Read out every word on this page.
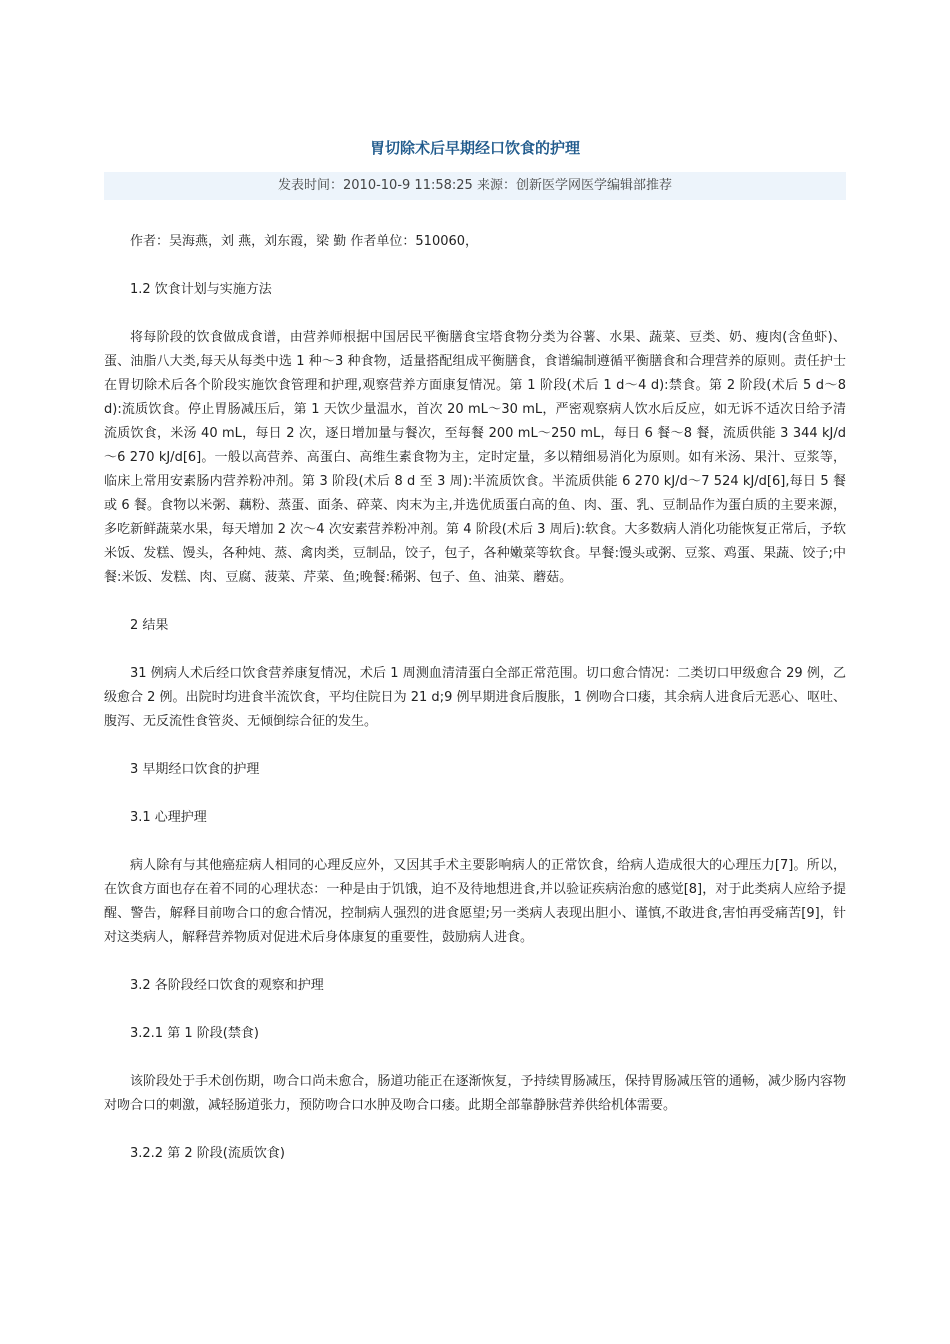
胃切除术后早期经口饮食的护理
发表时间：2010-10-9 11:58:25 来源：创新医学网医学编辑部推荐

作者：吴海燕，刘 燕，刘东霞，梁 勤 作者单位：510060，

1.2 饮食计划与实施方法

将每阶段的饮食做成食谱，由营养师根据中国居民平衡膳食宝塔食物分类为谷薯、水果、蔬菜、豆类、奶、瘦肉(含鱼虾)、蛋、油脂八大类,每天从每类中选 1 种～3 种食物，适量搭配组成平衡膳食，食谱编制遵循平衡膳食和合理营养的原则。责任护士在胃切除术后各个阶段实施饮食管理和护理,观察营养方面康复情况。第 1 阶段(术后 1 d～4 d):禁食。第 2 阶段(术后 5 d～8 d):流质饮食。停止胃肠减压后，第 1 天饮少量温水，首次 20 mL～30 mL，严密观察病人饮水后反应，如无诉不适次日给予清流质饮食，米汤 40 mL，每日 2 次，逐日增加量与餐次，至每餐 200 mL～250 mL，每日 6 餐～8 餐，流质供能 3 344 kJ/d～6 270 kJ/d[6]。一般以高营养、高蛋白、高维生素食物为主，定时定量，多以精细易消化为原则。如有米汤、果汁、豆浆等，临床上常用安素肠内营养粉冲剂。第 3 阶段(术后 8 d 至 3 周):半流质饮食。半流质供能 6 270 kJ/d～7 524 kJ/d[6],每日 5 餐或 6 餐。食物以米粥、藕粉、蒸蛋、面条、碎菜、肉末为主,并选优质蛋白高的鱼、肉、蛋、乳、豆制品作为蛋白质的主要来源，多吃新鲜蔬菜水果，每天增加 2 次～4 次安素营养粉冲剂。第 4 阶段(术后 3 周后):软食。大多数病人消化功能恢复正常后，予软米饭、发糕、馒头，各种炖、蒸、禽肉类，豆制品，饺子，包子，各种嫩菜等软食。早餐:馒头或粥、豆浆、鸡蛋、果蔬、饺子;中餐:米饭、发糕、肉、豆腐、菠菜、芹菜、鱼;晚餐:稀粥、包子、鱼、油菜、蘑菇。

2 结果

31 例病人术后经口饮食营养康复情况，术后 1 周测血清清蛋白全部正常范围。切口愈合情况：二类切口甲级愈合 29 例，乙级愈合 2 例。出院时均进食半流饮食，平均住院日为 21 d;9 例早期进食后腹胀，1 例吻合口瘘，其余病人进食后无恶心、呕吐、腹泻、无反流性食管炎、无倾倒综合征的发生。

3 早期经口饮食的护理

3.1 心理护理

病人除有与其他癌症病人相同的心理反应外，又因其手术主要影响病人的正常饮食，给病人造成很大的心理压力[7]。所以，在饮食方面也存在着不同的心理状态：一种是由于饥饿，迫不及待地想进食,并以验证疾病治愈的感觉[8]，对于此类病人应给予提醒、警告，解释目前吻合口的愈合情况，控制病人强烈的进食愿望;另一类病人表现出胆小、谨慎,不敢进食,害怕再受痛苦[9]，针对这类病人，解释营养物质对促进术后身体康复的重要性，鼓励病人进食。

3.2 各阶段经口饮食的观察和护理

3.2.1 第 1 阶段(禁食)

该阶段处于手术创伤期，吻合口尚未愈合，肠道功能正在逐渐恢复，予持续胃肠减压，保持胃肠减压管的通畅，减少肠内容物对吻合口的刺激，减轻肠道张力，预防吻合口水肿及吻合口瘘。此期全部靠静脉营养供给机体需要。

3.2.2 第 2 阶段(流质饮食)
